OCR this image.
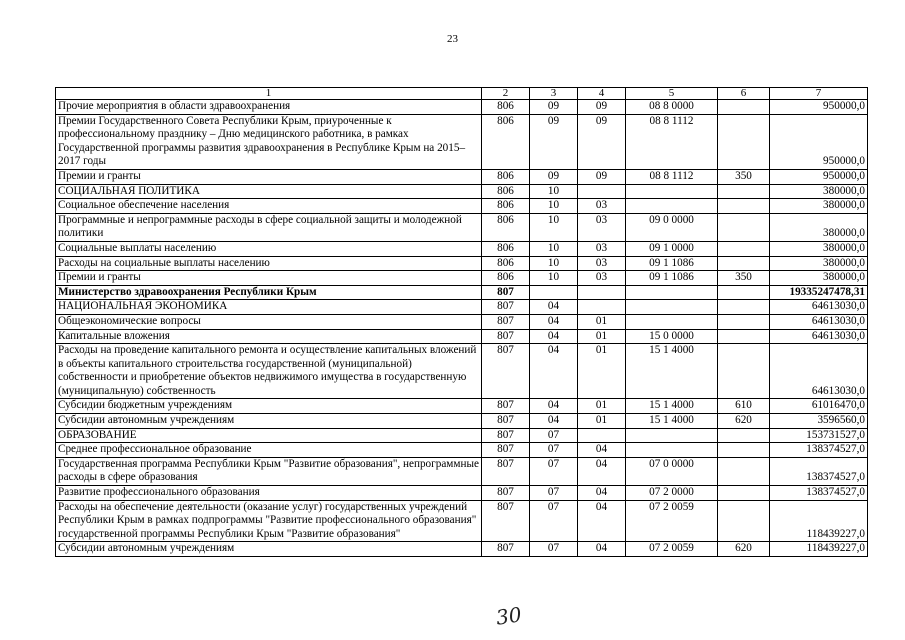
23
1	2	3	4	5	6	7
Прочие мероприятия в области здравоохранения	806	09	09	08 8 0000		950000,0
Премии Государственного Совета Республики Крым, приуроченные к профессиональному празднику – Дню медицинского работника, в рамках Государственной программы развития здравоохранения в Республике Крым на 2015–2017 годы	806	09	09	08 8 1112		950000,0
Премии и гранты	806	09	09	08 8 1112	350	950000,0
СОЦИАЛЬНАЯ ПОЛИТИКА	806	10				380000,0
Социальное обеспечение населения	806	10	03			380000,0
Программные и непрограммные расходы в сфере социальной защиты и молодежной политики	806	10	03	09 0 0000		380000,0
Социальные выплаты населению	806	10	03	09 1 0000		380000,0
Расходы на социальные выплаты населению	806	10	03	09 1 1086		380000,0
Премии и гранты	806	10	03	09 1 1086	350	380000,0
Министерство здравоохранения Республики Крым	807					19335247478,31
НАЦИОНАЛЬНАЯ ЭКОНОМИКА	807	04				64613030,0
Общеэкономические вопросы	807	04	01			64613030,0
Капитальные вложения	807	04	01	15 0 0000		64613030,0
Расходы на проведение капитального ремонта и осуществление капитальных вложений в объекты капитального строительства государственной (муниципальной) собственности и приобретение объектов недвижимого имущества в государственную (муниципальную) собственность	807	04	01	15 1 4000		64613030,0
Субсидии бюджетным учреждениям	807	04	01	15 1 4000	610	61016470,0
Субсидии автономным учреждениям	807	04	01	15 1 4000	620	3596560,0
ОБРАЗОВАНИЕ	807	07				153731527,0
Среднее профессиональное образование	807	07	04			138374527,0
Государственная программа Республики Крым "Развитие образования", непрограммные расходы в сфере образования	807	07	04	07 0 0000		138374527,0
Развитие профессионального образования	807	07	04	07 2 0000		138374527,0
Расходы на обеспечение деятельности (оказание услуг) государственных учреждений Республики Крым в рамках подпрограммы "Развитие профессионального образования" государственной программы Республики Крым "Развитие образования"	807	07	04	07 2 0059		118439227,0
Субсидии автономным учреждениям	807	07	04	07 2 0059	620	118439227,0
30
